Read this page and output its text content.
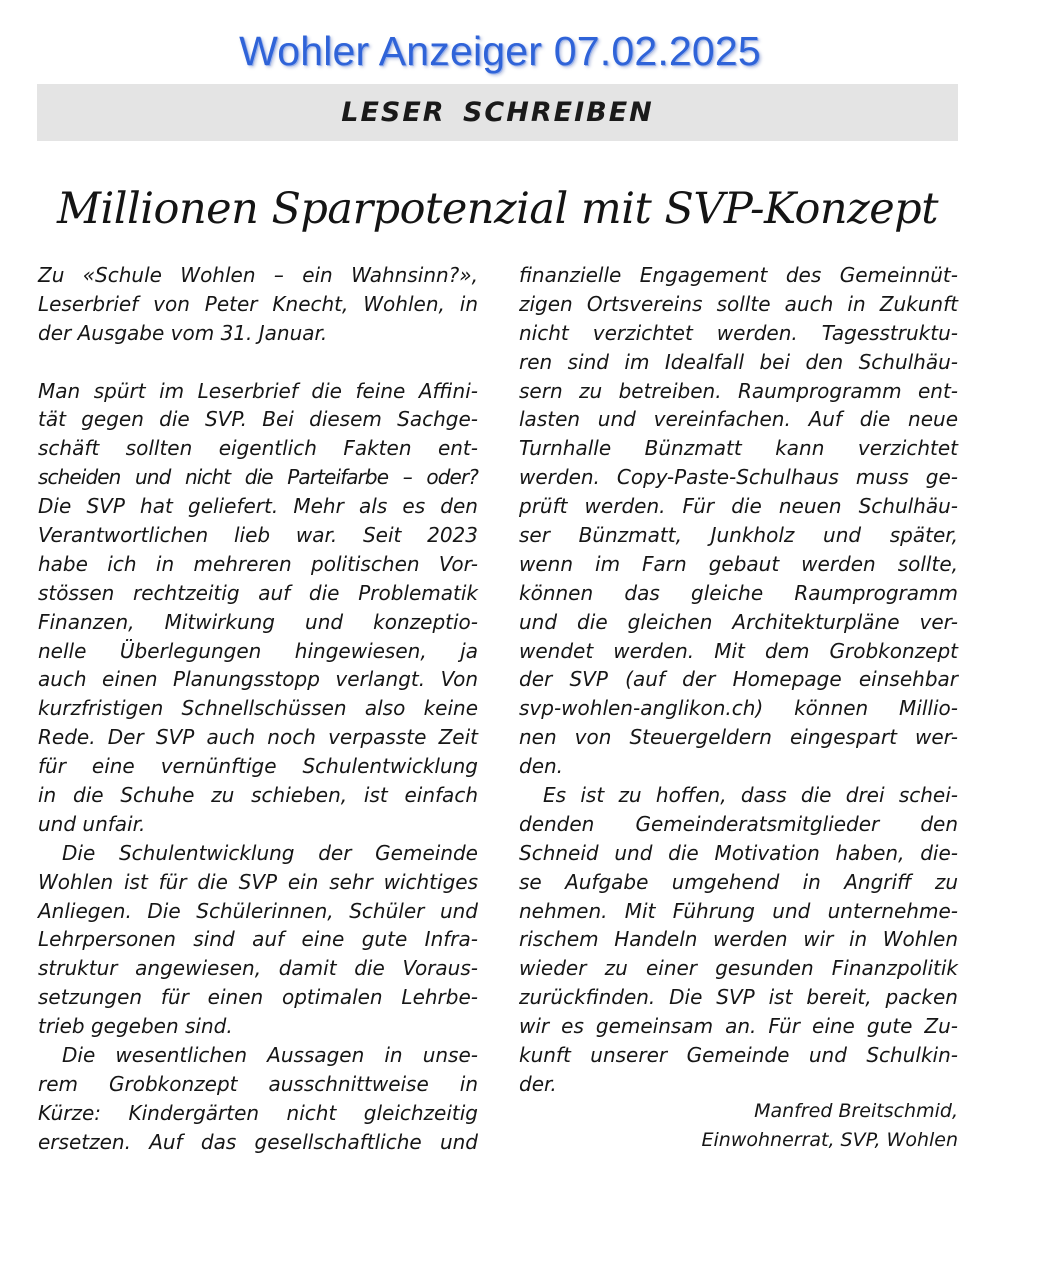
Wohler Anzeiger 07.02.2025
LESER SCHREIBEN
Millionen Sparpotenzial mit SVP-Konzept
Zu «Schule Wohlen – ein Wahnsinn?»,
Leserbrief von Peter Knecht, Wohlen, in
der Ausgabe vom 31. Januar.
Man spürt im Leserbrief die feine Affini-
tät gegen die SVP. Bei diesem Sachge-
schäft sollten eigentlich Fakten ent-
scheiden und nicht die Parteifarbe – oder?
Die SVP hat geliefert. Mehr als es den
Verantwortlichen lieb war. Seit 2023
habe ich in mehreren politischen Vor-
stössen rechtzeitig auf die Problematik
Finanzen, Mitwirkung und konzeptio-
nelle Überlegungen hingewiesen, ja
auch einen Planungsstopp verlangt. Von
kurzfristigen Schnellschüssen also keine
Rede. Der SVP auch noch verpasste Zeit
für eine vernünftige Schulentwicklung
in die Schuhe zu schieben, ist einfach
und unfair.
Die Schulentwicklung der Gemeinde
Wohlen ist für die SVP ein sehr wichtiges
Anliegen. Die Schülerinnen, Schüler und
Lehrpersonen sind auf eine gute Infra-
struktur angewiesen, damit die Voraus-
setzungen für einen optimalen Lehrbe-
trieb gegeben sind.
Die wesentlichen Aussagen in unse-
rem Grobkonzept ausschnittweise in
Kürze: Kindergärten nicht gleichzeitig
ersetzen. Auf das gesellschaftliche und
finanzielle Engagement des Gemeinnüt-
zigen Ortsvereins sollte auch in Zukunft
nicht verzichtet werden. Tagesstruktu-
ren sind im Idealfall bei den Schulhäu-
sern zu betreiben. Raumprogramm ent-
lasten und vereinfachen. Auf die neue
Turnhalle Bünzmatt kann verzichtet
werden. Copy-Paste-Schulhaus muss ge-
prüft werden. Für die neuen Schulhäu-
ser Bünzmatt, Junkholz und später,
wenn im Farn gebaut werden sollte,
können das gleiche Raumprogramm
und die gleichen Architekturpläne ver-
wendet werden. Mit dem Grobkonzept
der SVP (auf der Homepage einsehbar
svp-wohlen-anglikon.ch) können Millio-
nen von Steuergeldern eingespart wer-
den.
Es ist zu hoffen, dass die drei schei-
denden Gemeinderatsmitglieder den
Schneid und die Motivation haben, die-
se Aufgabe umgehend in Angriff zu
nehmen. Mit Führung und unternehme-
rischem Handeln werden wir in Wohlen
wieder zu einer gesunden Finanzpolitik
zurückfinden. Die SVP ist bereit, packen
wir es gemeinsam an. Für eine gute Zu-
kunft unserer Gemeinde und Schulkin-
der.
Manfred Breitschmid,
Einwohnerrat, SVP, Wohlen
